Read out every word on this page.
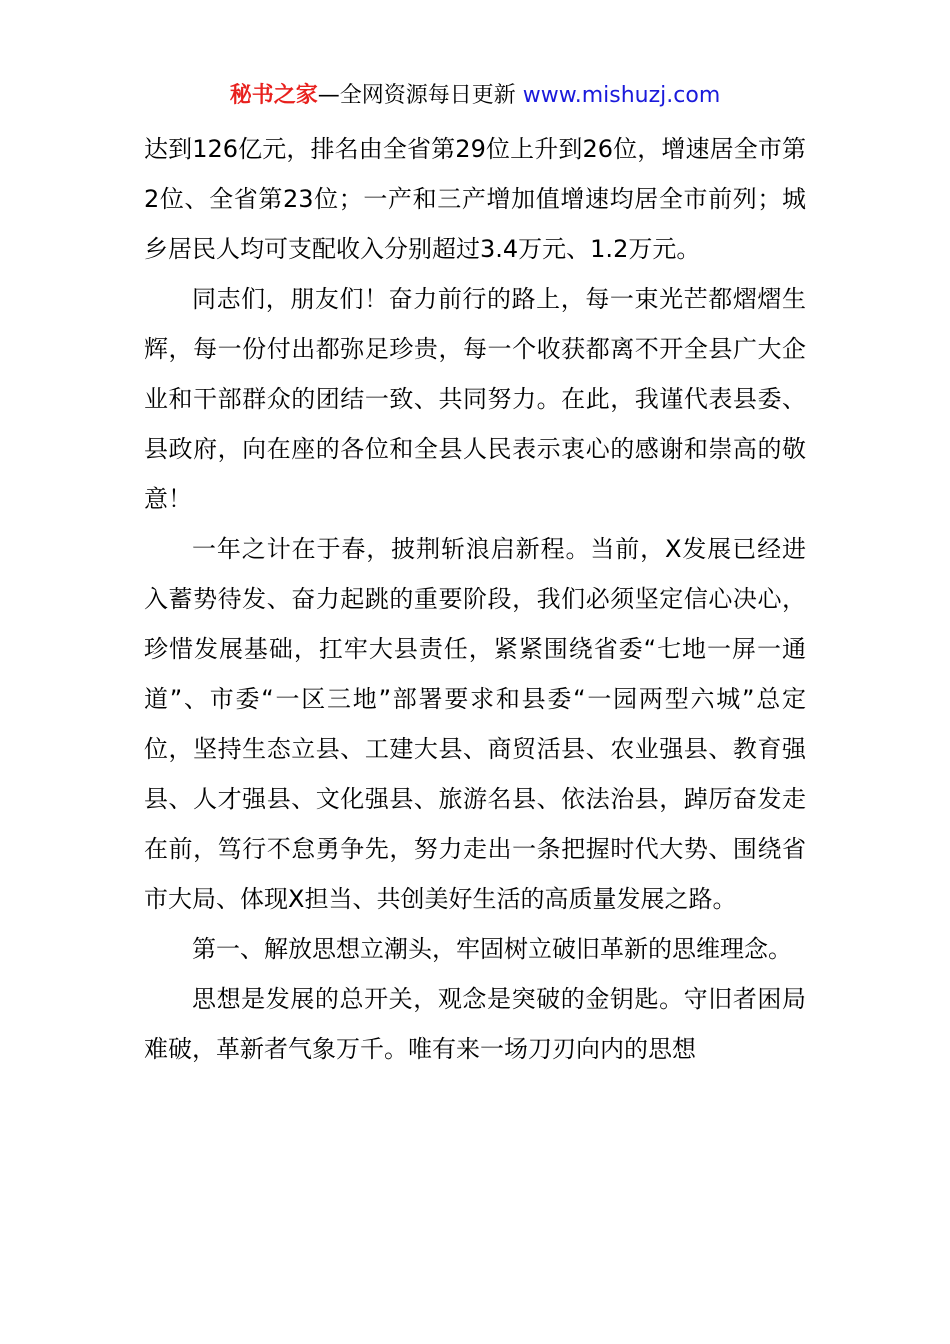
秘书之家—全网资源每日更新 www.mishuzj.com

达到126亿元，排名由全省第29位上升到26位，增速居全市第2位、全省第23位；一产和三产增加值增速均居全市前列；城乡居民人均可支配收入分别超过3.4万元、1.2万元。

同志们，朋友们！奋力前行的路上，每一束光芒都熠熠生辉，每一份付出都弥足珍贵，每一个收获都离不开全县广大企业和干部群众的团结一致、共同努力。在此，我谨代表县委、县政府，向在座的各位和全县人民表示衷心的感谢和崇高的敬意！

一年之计在于春，披荆斩浪启新程。当前，X发展已经进入蓄势待发、奋力起跳的重要阶段，我们必须坚定信心决心，珍惜发展基础，扛牢大县责任，紧紧围绕省委“七地一屏一通道”、市委“一区三地”部署要求和县委“一园两型六城”总定位，坚持生态立县、工建大县、商贸活县、农业强县、教育强县、人才强县、文化强县、旅游名县、依法治县，踔厉奋发走在前，笃行不怠勇争先，努力走出一条把握时代大势、围绕省市大局、体现X担当、共创美好生活的高质量发展之路。

第一、解放思想立潮头，牢固树立破旧革新的思维理念。

思想是发展的总开关，观念是突破的金钥匙。守旧者困局难破，革新者气象万千。唯有来一场刀刃向内的思想
